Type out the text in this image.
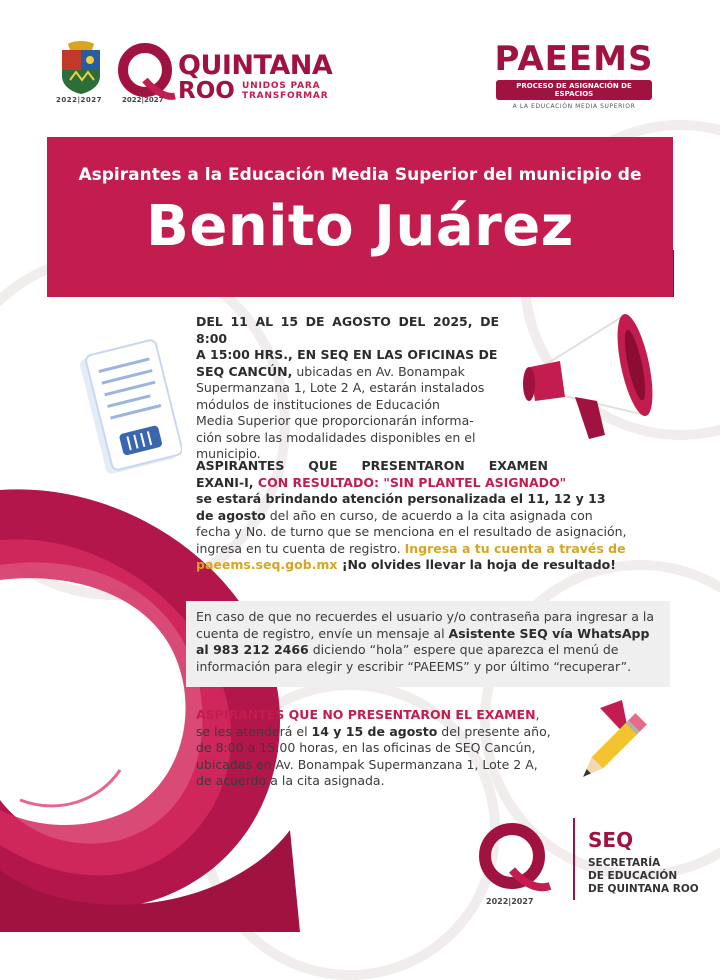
2022|2027
QUINTANA
ROO UNIDOS PARA
TRANSFORMAR
2022|2027
PAEEMS
PROCESO DE ASIGNACIÓN DE ESPACIOS
A LA EDUCACIÓN MEDIA SUPERIOR
Aspirantes a la Educación Media Superior del municipio de
Benito Juárez
DEL 11 AL 15 DE AGOSTO DEL 2025, DE 8:00
A 15:00 HRS., EN SEQ EN LAS OFICINAS DE
SEQ CANCÚN, ubicadas en Av. Bonampak
Supermanzana 1, Lote 2 A, estarán instalados
módulos de instituciones de Educación
Media Superior que proporcionarán informa-
ción sobre las modalidades disponibles en el
municipio.
ASPIRANTES QUE PRESENTARON EXAMEN
EXANI-I, CON RESULTADO: "SIN PLANTEL ASIGNADO"
se estará brindando atención personalizada el 11, 12 y 13
de agosto del año en curso, de acuerdo a la cita asignada con
fecha y No. de turno que se menciona en el resultado de asignación,
ingresa en tu cuenta de registro. Ingresa a tu cuenta a través de
paeems.seq.gob.mx ¡No olvides llevar la hoja de resultado!
En caso de que no recuerdes el usuario y/o contraseña para ingresar a la
cuenta de registro, envíe un mensaje al Asistente SEQ vía WhatsApp
al 983 212 2466 diciendo “hola” espere que aparezca el menú de
información para elegir y escribir “PAEEMS” y por último “recuperar”.
ASPIRANTES QUE NO PRESENTARON EL EXAMEN,
se les atenderá el 14 y 15 de agosto del presente año,
de 8:00 a 15:00 horas, en las oficinas de SEQ Cancún,
ubicadas en Av. Bonampak Supermanzana 1, Lote 2 A,
de acuerdo a la cita asignada.
2022|2027
SEQ
SECRETARÍA
DE EDUCACIÓN
DE QUINTANA ROO
